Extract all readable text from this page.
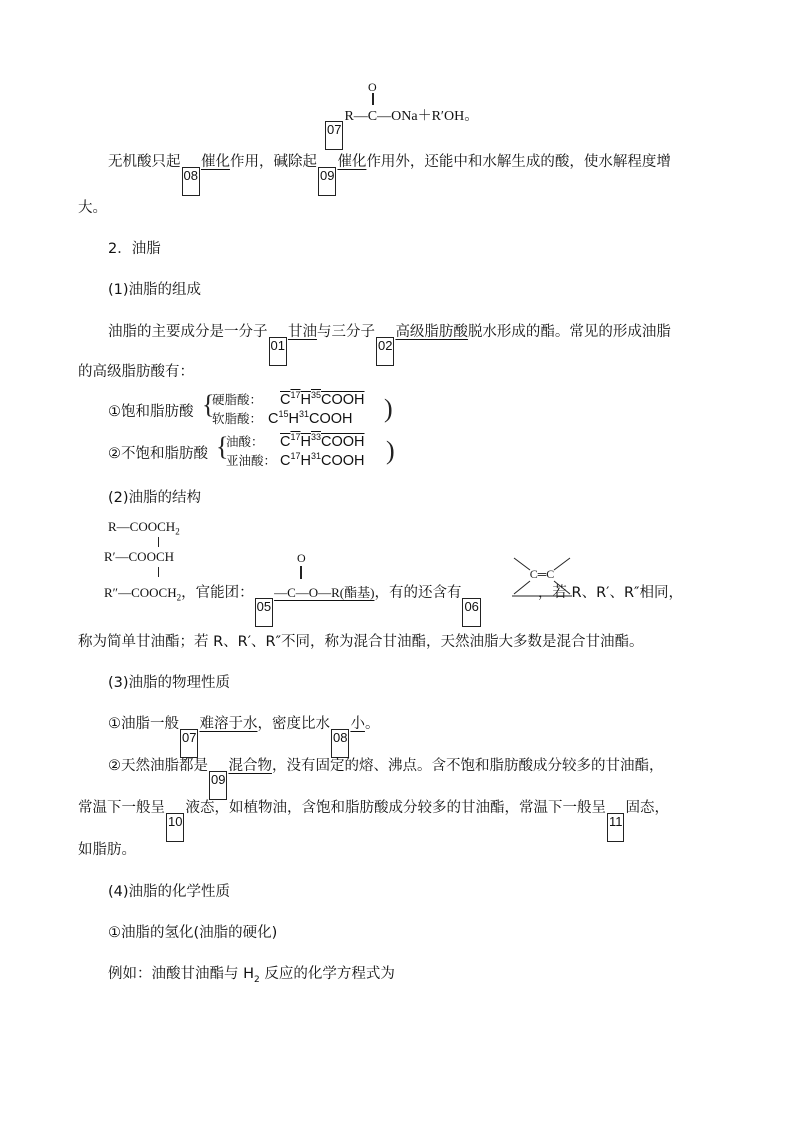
O
07R—C—ONa＋R′OH。
无机酸只起08催化作用，碱除起09催化作用外，还能中和水解生成的酸，使水解程度增
大。
2．油脂
(1)油脂的组成
油脂的主要成分是一分子01甘油与三分子02高级脂肪酸脱水形成的酯。常见的形成油脂
的高级脂肪酸有：
①饱和脂肪酸 {
硬脂酸： $C^{17}H^{35}COOH$
软脂酸： $C^{15}H^{31}COOH$ )
②不饱和脂肪酸 {
油酸： $C^{17}H^{33}COOH$
亚油酸： $C^{17}H^{31}COOH$ )
(2)油脂的结构
$R—COOCH_2$
R′—COOCH
$R''—COOCH_2$，官能团：05—C—O—R(酯基)，有的还含有06，若 R、R′、R″相同，
O
C═C
称为简单甘油酯；若 R、R′、R″不同，称为混合甘油酯，天然油脂大多数是混合甘油酯。
(3)油脂的物理性质
①油脂一般07难溶于水，密度比水08小。
②天然油脂都是09混合物，没有固定的熔、沸点。含不饱和脂肪酸成分较多的甘油酯，
常温下一般呈10液态，如植物油，含饱和脂肪酸成分较多的甘油酯，常温下一般呈11固态，
如脂肪。
(4)油脂的化学性质
①油脂的氢化(油脂的硬化)
例如：油酸甘油酯与 $H_2$ 反应的化学方程式为
